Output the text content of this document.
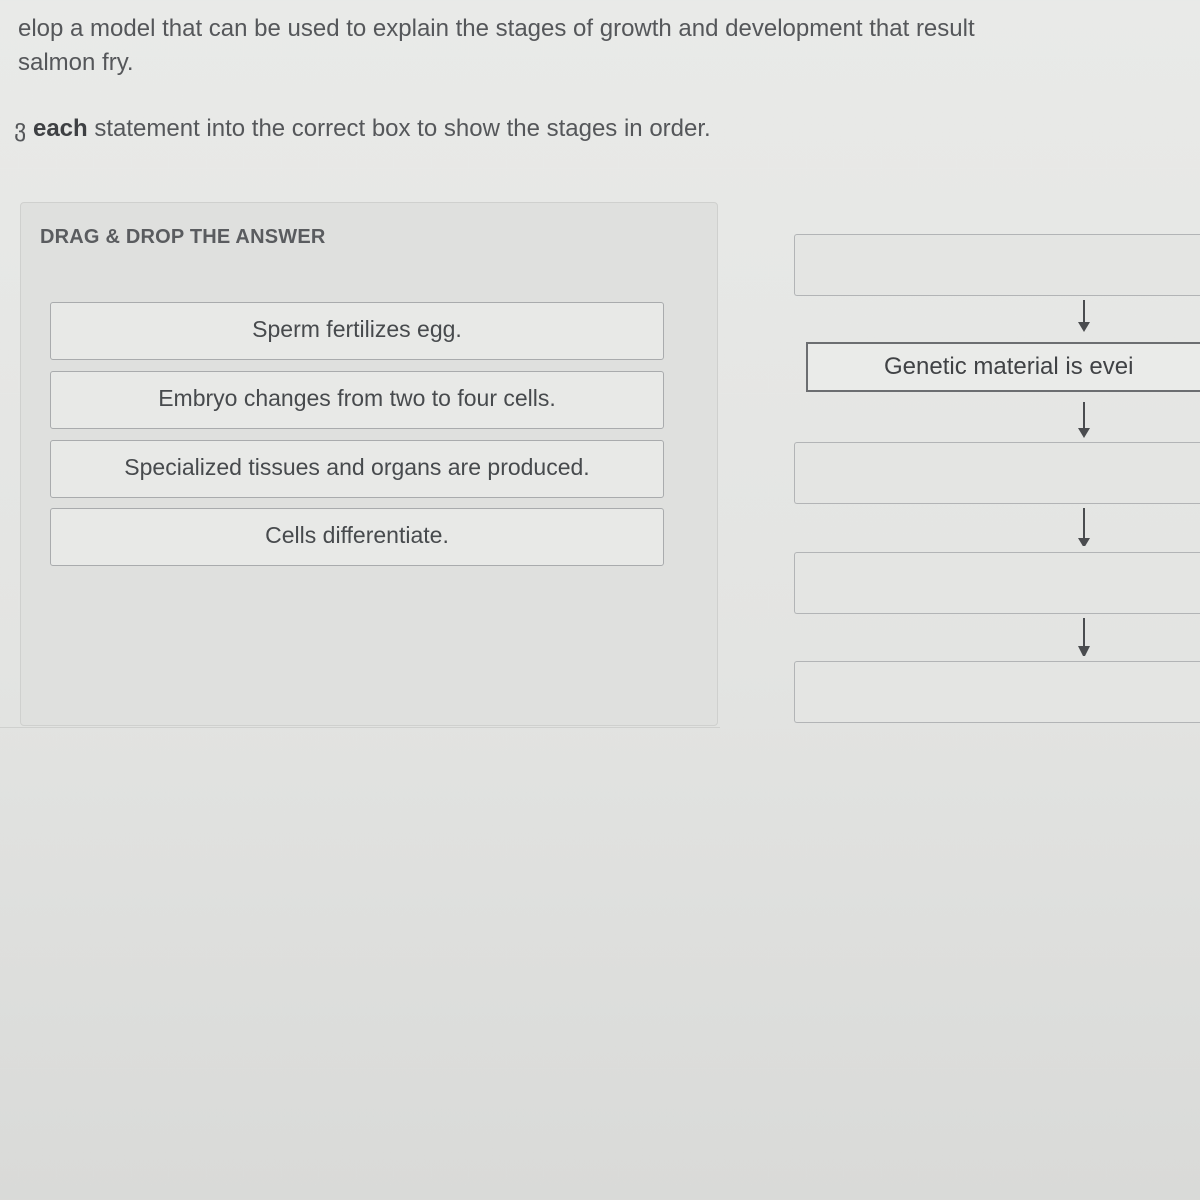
elop a model that can be used to explain the stages of growth and development that result
salmon fry.
ვ each statement into the correct box to show the stages in order.
DRAG & DROP THE ANSWER
Sperm fertilizes egg.
Embryo changes from two to four cells.
Specialized tissues and organs are produced.
Cells differentiate.
Genetic material is evei
